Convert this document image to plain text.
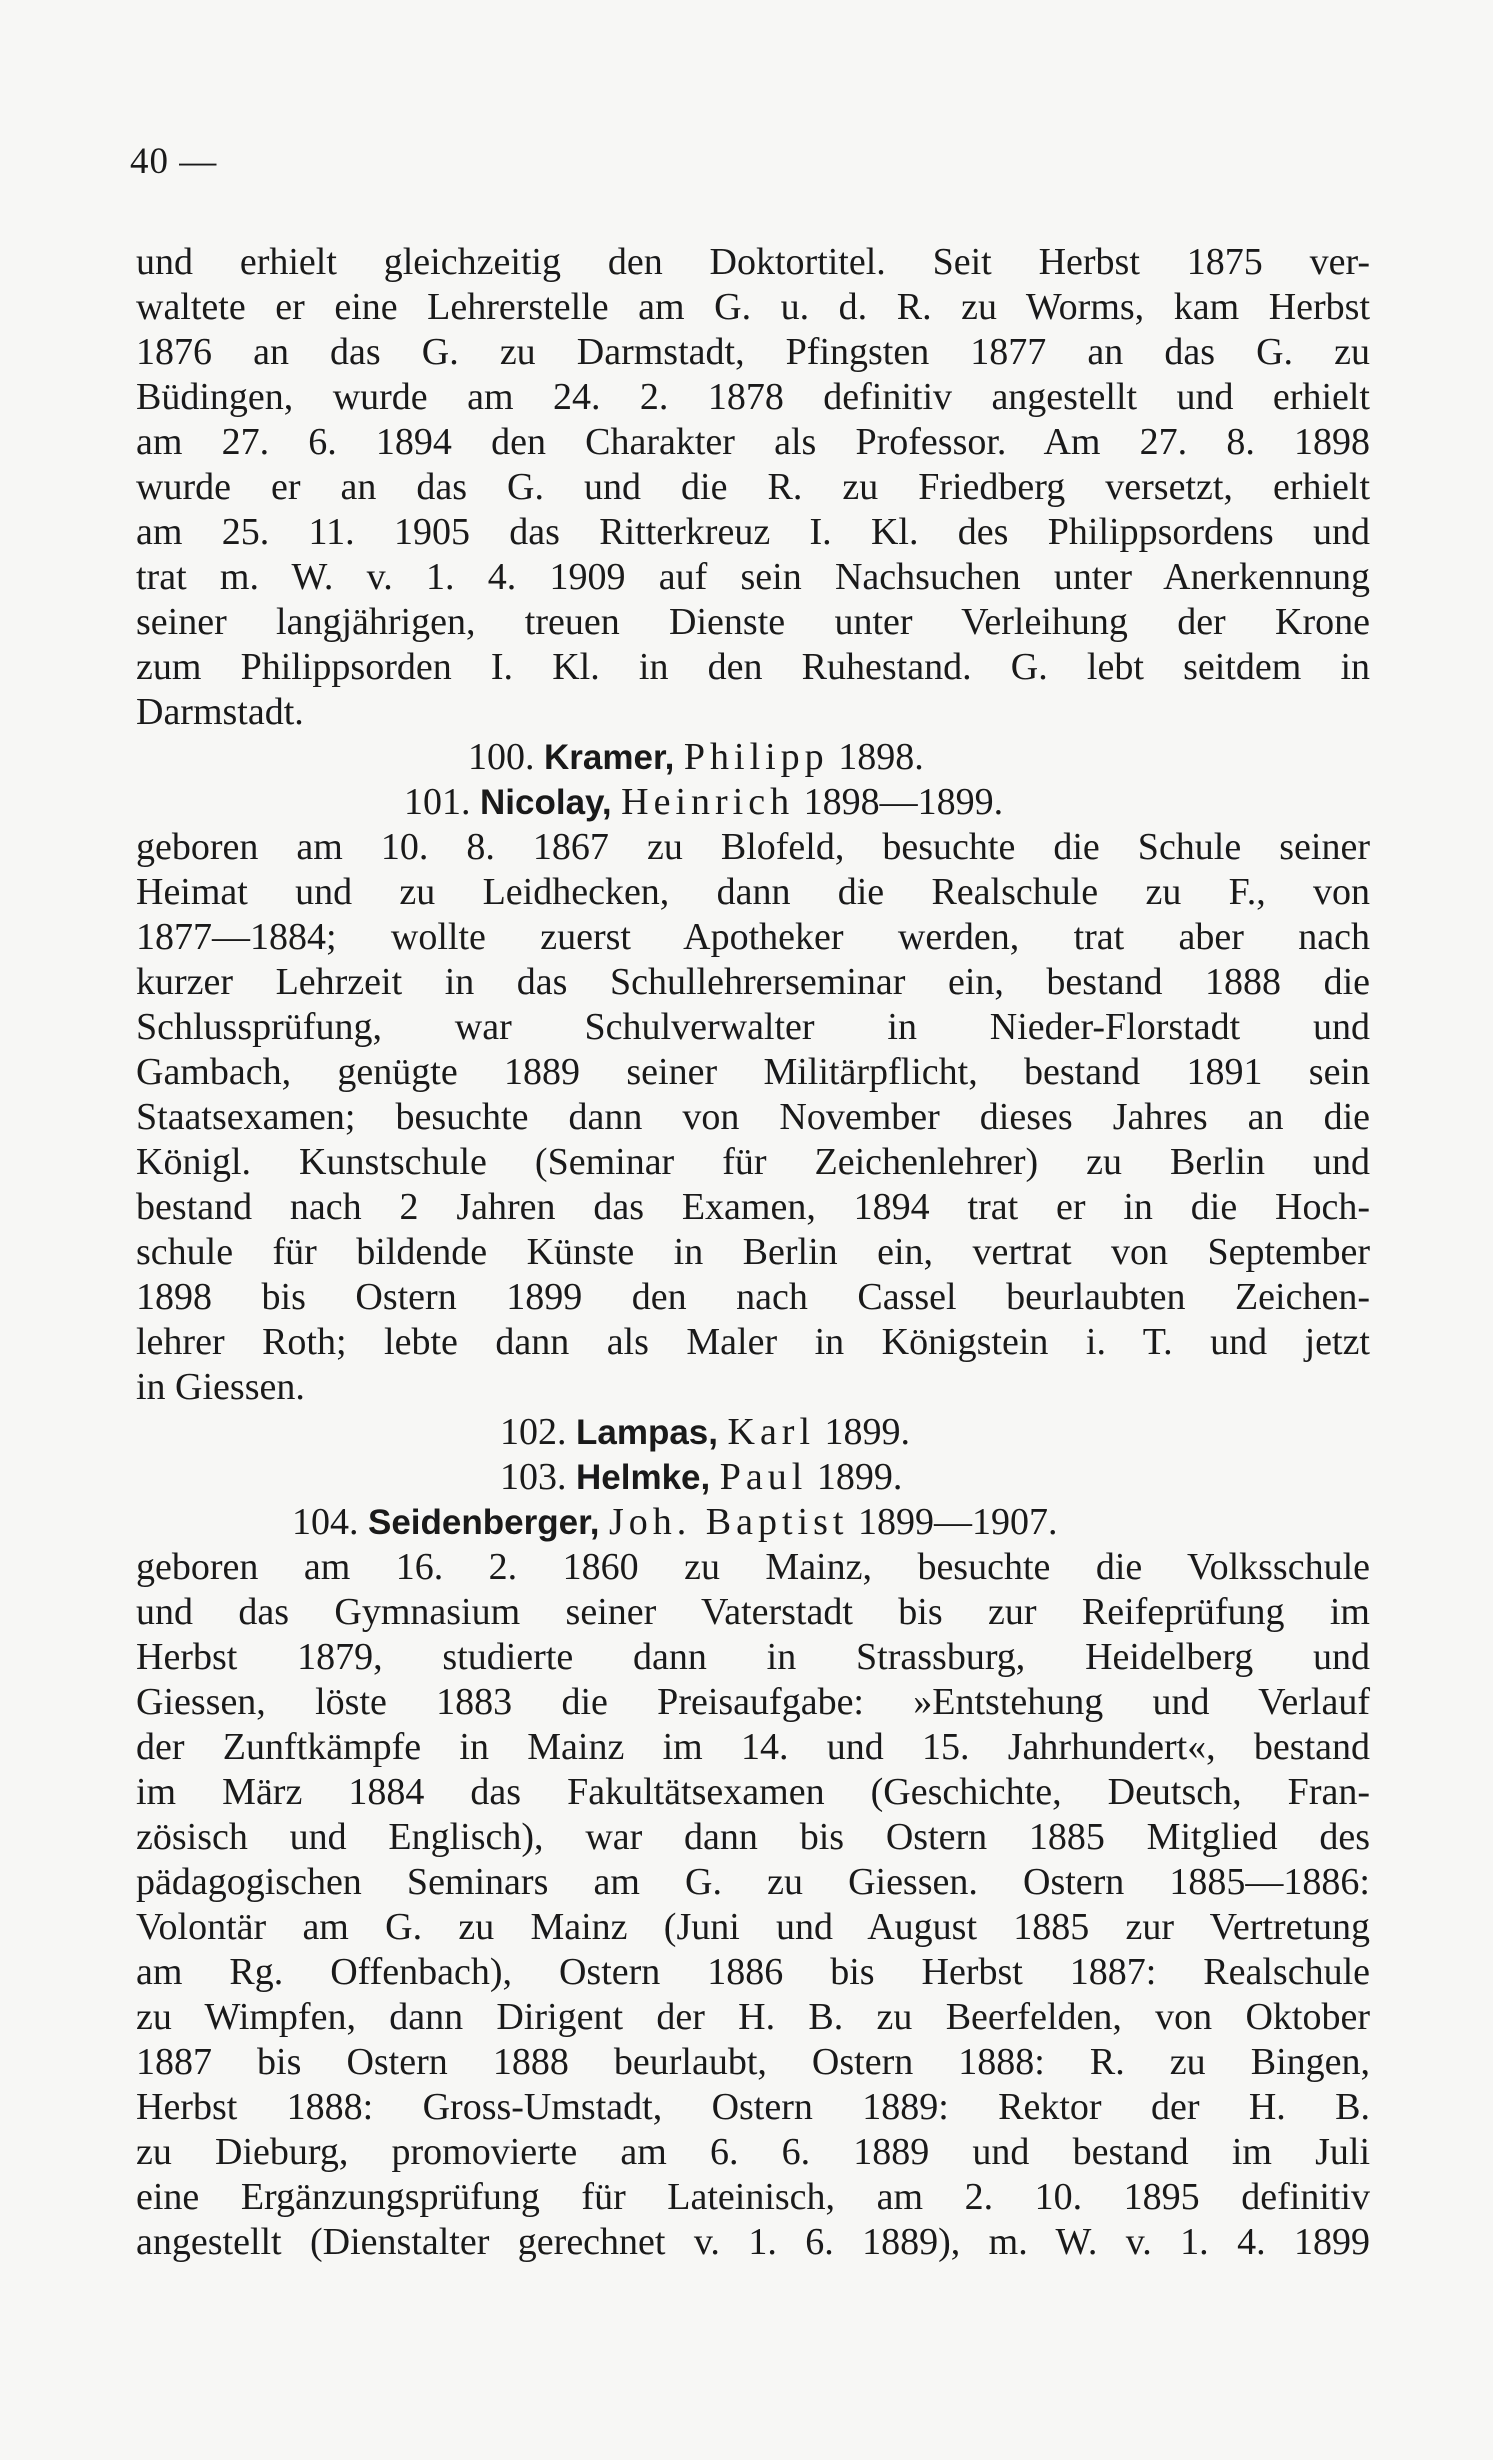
40 —
und erhielt gleichzeitig den Doktortitel. Seit Herbst 1875 ver-
waltete er eine Lehrerstelle am G. u. d. R. zu Worms, kam Herbst
1876 an das G. zu Darmstadt, Pfingsten 1877 an das G. zu
Büdingen, wurde am 24. 2. 1878 definitiv angestellt und erhielt
am 27. 6. 1894 den Charakter als Professor. Am 27. 8. 1898
wurde er an das G. und die R. zu Friedberg versetzt, erhielt
am 25. 11. 1905 das Ritterkreuz I. Kl. des Philippsordens und
trat m. W. v. 1. 4. 1909 auf sein Nachsuchen unter Anerkennung
seiner langjährigen, treuen Dienste unter Verleihung der Krone
zum Philippsorden I. Kl. in den Ruhestand. G. lebt seitdem in
Darmstadt.
100. Kramer, Philipp 1898.
101. Nicolay, Heinrich 1898—1899.
geboren am 10. 8. 1867 zu Blofeld, besuchte die Schule seiner
Heimat und zu Leidhecken, dann die Realschule zu F., von
1877—1884; wollte zuerst Apotheker werden, trat aber nach
kurzer Lehrzeit in das Schullehrerseminar ein, bestand 1888 die
Schlussprüfung, war Schulverwalter in Nieder-Florstadt und
Gambach, genügte 1889 seiner Militärpflicht, bestand 1891 sein
Staatsexamen; besuchte dann von November dieses Jahres an die
Königl. Kunstschule (Seminar für Zeichenlehrer) zu Berlin und
bestand nach 2 Jahren das Examen, 1894 trat er in die Hoch-
schule für bildende Künste in Berlin ein, vertrat von September
1898 bis Ostern 1899 den nach Cassel beurlaubten Zeichen-
lehrer Roth; lebte dann als Maler in Königstein i. T. und jetzt
in Giessen.
102. Lampas, Karl 1899.
103. Helmke, Paul 1899.
104. Seidenberger, Joh. Baptist 1899—1907.
geboren am 16. 2. 1860 zu Mainz, besuchte die Volksschule
und das Gymnasium seiner Vaterstadt bis zur Reifeprüfung im
Herbst 1879, studierte dann in Strassburg, Heidelberg und
Giessen, löste 1883 die Preisaufgabe: »Entstehung und Verlauf
der Zunftkämpfe in Mainz im 14. und 15. Jahrhundert«, bestand
im März 1884 das Fakultätsexamen (Geschichte, Deutsch, Fran-
zösisch und Englisch), war dann bis Ostern 1885 Mitglied des
pädagogischen Seminars am G. zu Giessen. Ostern 1885—1886:
Volontär am G. zu Mainz (Juni und August 1885 zur Vertretung
am Rg. Offenbach), Ostern 1886 bis Herbst 1887: Realschule
zu Wimpfen, dann Dirigent der H. B. zu Beerfelden, von Oktober
1887 bis Ostern 1888 beurlaubt, Ostern 1888: R. zu Bingen,
Herbst 1888: Gross-Umstadt, Ostern 1889: Rektor der H. B.
zu Dieburg, promovierte am 6. 6. 1889 und bestand im Juli
eine Ergänzungsprüfung für Lateinisch, am 2. 10. 1895 definitiv
angestellt (Dienstalter gerechnet v. 1. 6. 1889), m. W. v. 1. 4. 1899
